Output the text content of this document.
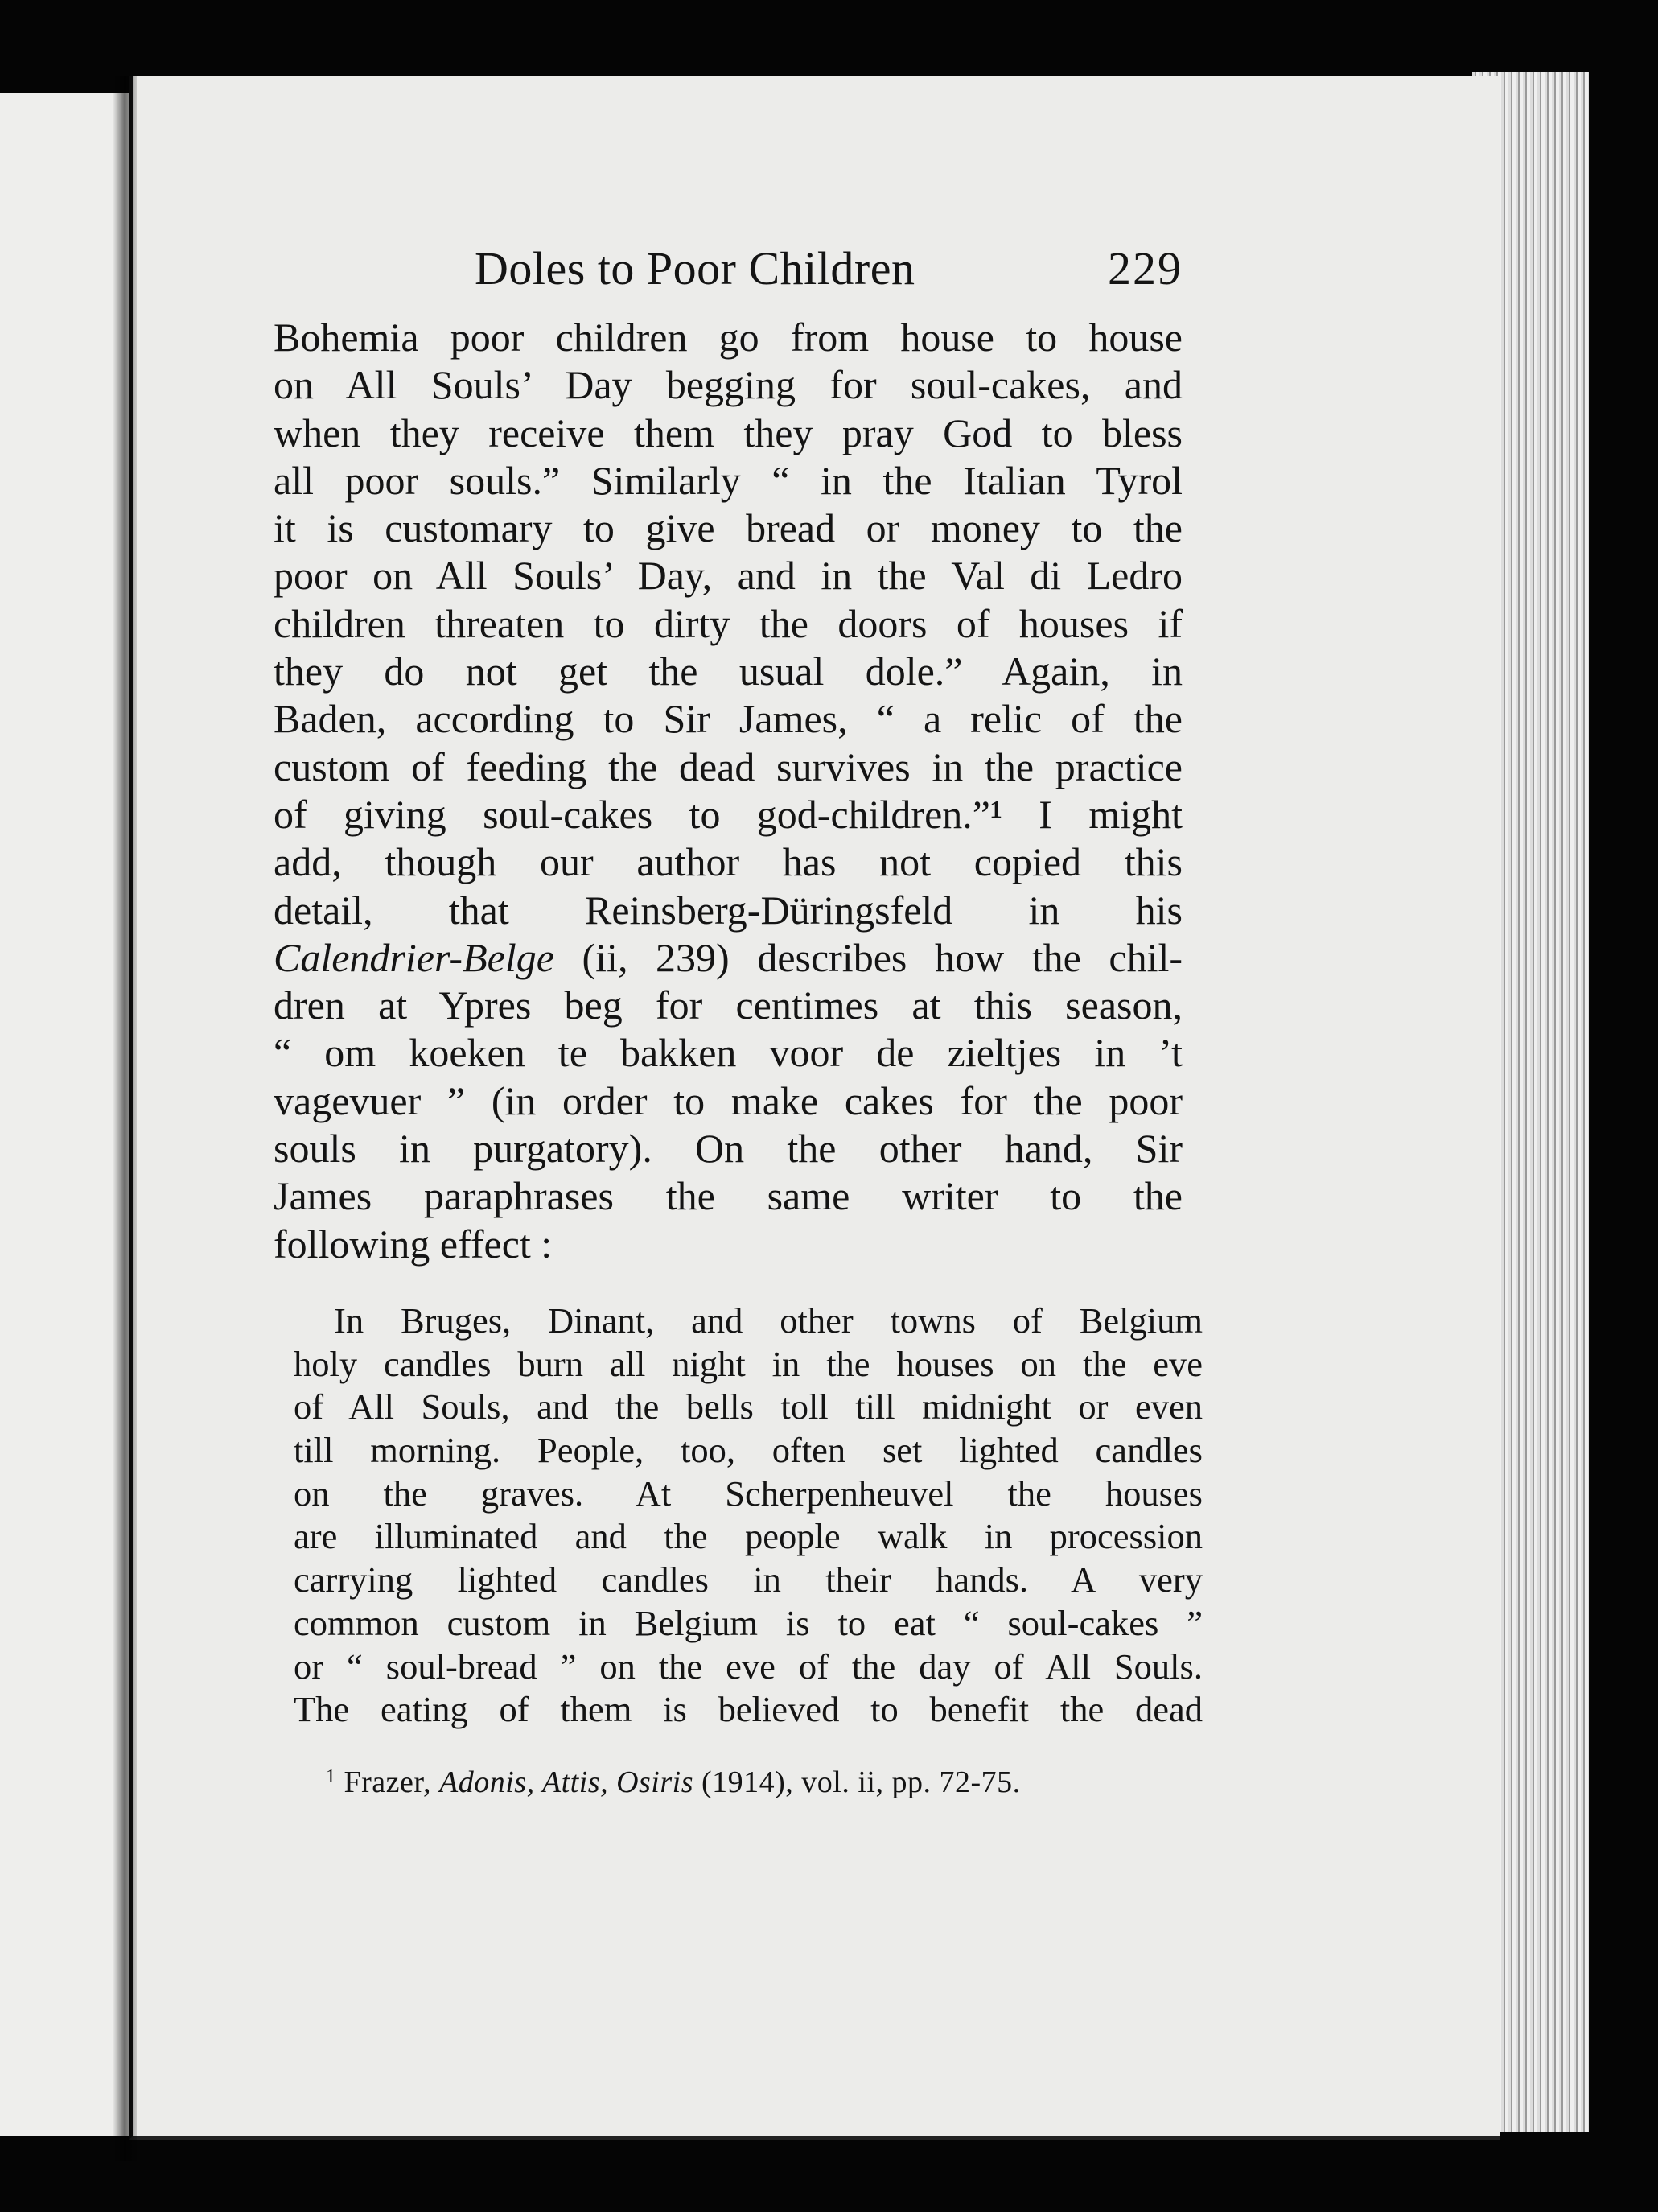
Doles to Poor Children	229
Bohemia poor children go from house to house
on All Souls’ Day begging for soul-cakes, and
when they receive them they pray God to bless
all poor souls.” Similarly “ in the Italian Tyrol
it is customary to give bread or money to the
poor on All Souls’ Day, and in the Val di Ledro
children threaten to dirty the doors of houses if
they do not get the usual dole.” Again, in
Baden, according to Sir James, “ a relic of the
custom of feeding the dead survives in the practice
of giving soul-cakes to god-children.”¹ I might
add, though our author has not copied this
detail, that Reinsberg-Düringsfeld in his
Calendrier-Belge (ii, 239) describes how the chil-
dren at Ypres beg for centimes at this season,
“ om koeken te bakken voor de zieltjes in ’t
vagevuer ” (in order to make cakes for the poor
souls in purgatory). On the other hand, Sir
James paraphrases the same writer to the
following effect :
In Bruges, Dinant, and other towns of Belgium
holy candles burn all night in the houses on the eve
of All Souls, and the bells toll till midnight or even
till morning. People, too, often set lighted candles
on the graves. At Scherpenheuvel the houses
are illuminated and the people walk in procession
carrying lighted candles in their hands. A very
common custom in Belgium is to eat “ soul-cakes ”
or “ soul-bread ” on the eve of the day of All Souls.
The eating of them is believed to benefit the dead
$^1$ Frazer, Adonis, Attis, Osiris (1914), vol. ii, pp. 72-75.
